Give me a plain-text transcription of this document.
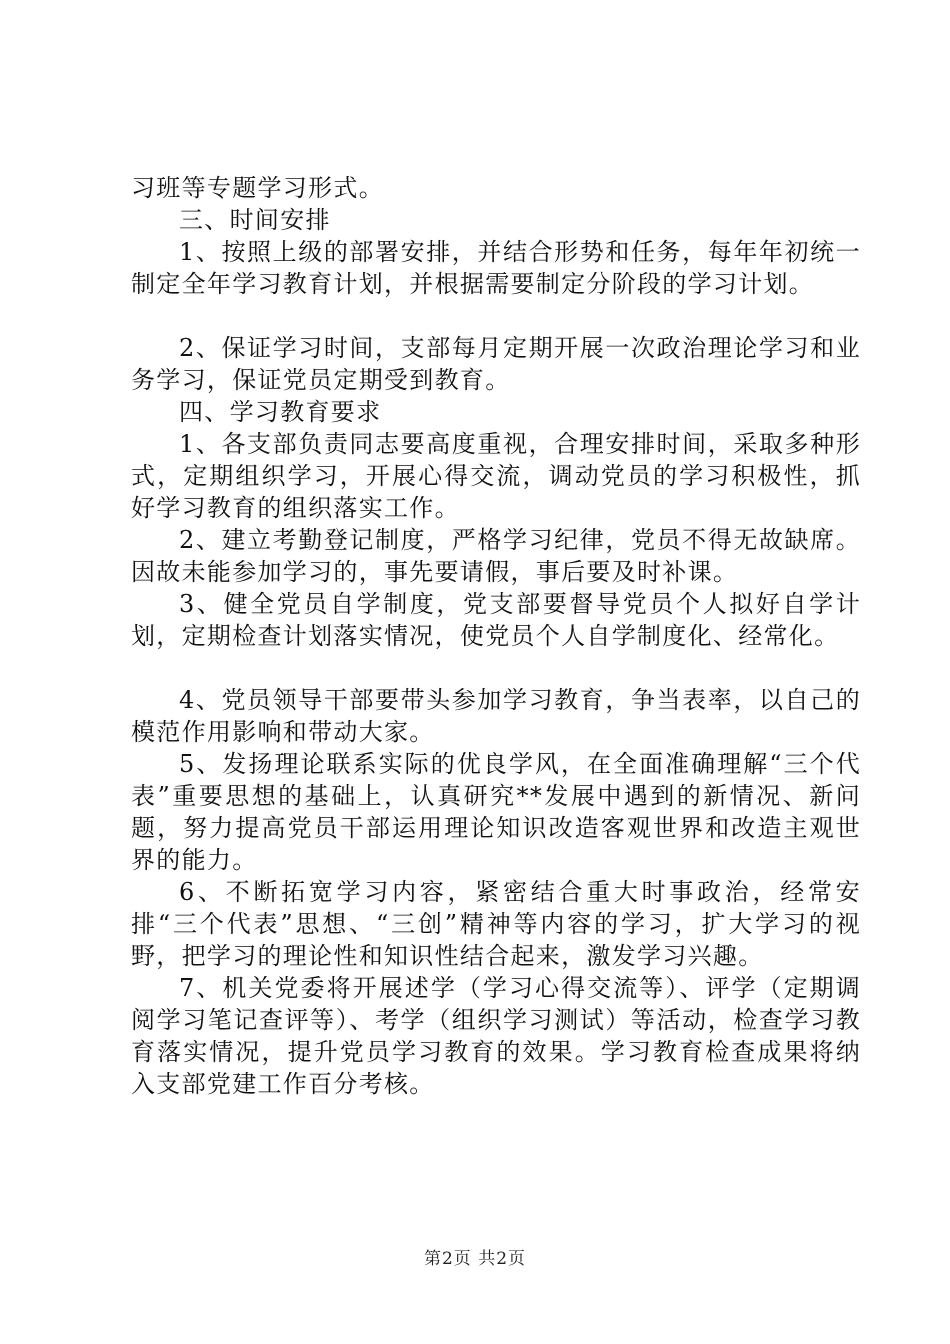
习班等专题学习形式。

三、时间安排

1、按照上级的部署安排，并结合形势和任务，每年年初统一制定全年学习教育计划，并根据需要制定分阶段的学习计划。

2、保证学习时间，支部每月定期开展一次政治理论学习和业务学习，保证党员定期受到教育。

四、学习教育要求

1、各支部负责同志要高度重视，合理安排时间，采取多种形式，定期组织学习，开展心得交流，调动党员的学习积极性，抓好学习教育的组织落实工作。

2、建立考勤登记制度，严格学习纪律，党员不得无故缺席。因故未能参加学习的，事先要请假，事后要及时补课。

3、健全党员自学制度，党支部要督导党员个人拟好自学计划，定期检查计划落实情况，使党员个人自学制度化、经常化。

4、党员领导干部要带头参加学习教育，争当表率，以自己的模范作用影响和带动大家。

5、发扬理论联系实际的优良学风，在全面准确理解“三个代表”重要思想的基础上，认真研究**发展中遇到的新情况、新问题，努力提高党员干部运用理论知识改造客观世界和改造主观世界的能力。

6、不断拓宽学习内容，紧密结合重大时事政治，经常安排“三个代表”思想、“三创”精神等内容的学习，扩大学习的视野，把学习的理论性和知识性结合起来，激发学习兴趣。

7、机关党委将开展述学（学习心得交流等）、评学（定期调阅学习笔记查评等）、考学（组织学习测试）等活动，检查学习教育落实情况，提升党员学习教育的效果。学习教育检查成果将纳入支部党建工作百分考核。

第2页 共2页
